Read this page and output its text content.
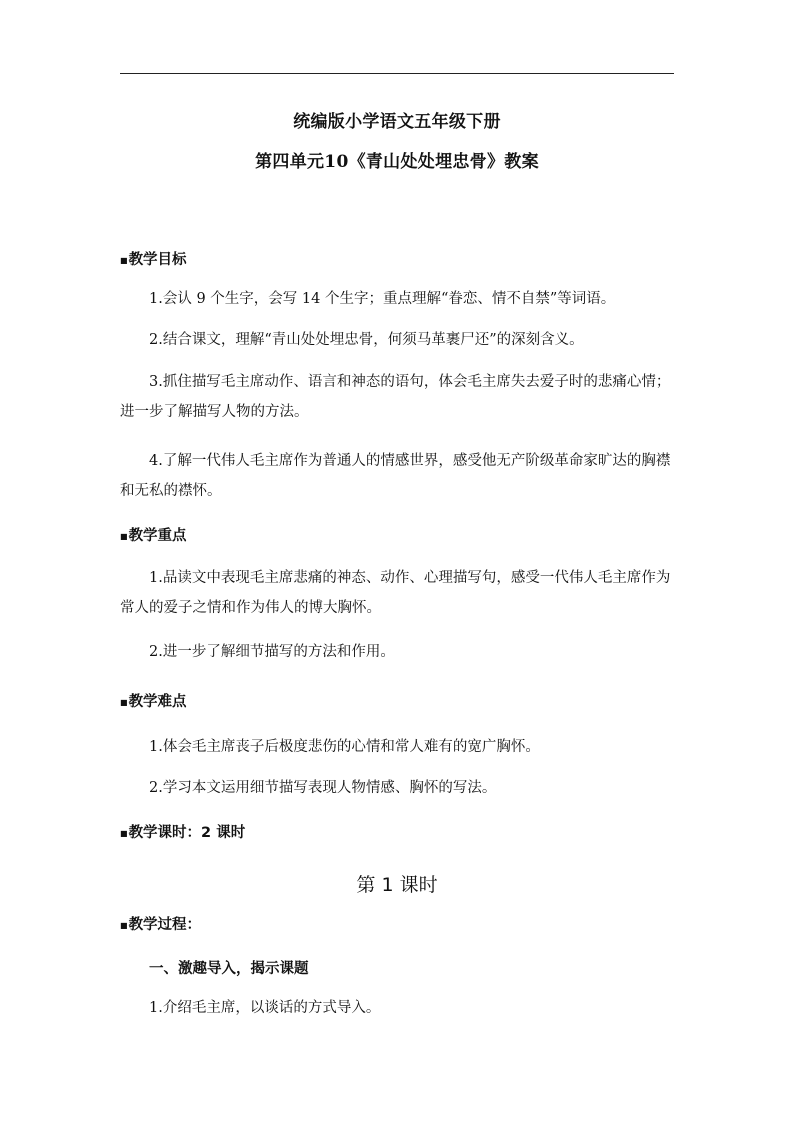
统编版小学语文五年级下册
第四单元10《青山处处埋忠骨》教案
■教学目标
1.会认 9 个生字，会写 14 个生字；重点理解“眷恋、情不自禁”等词语。
2.结合课文，理解“青山处处埋忠骨，何须马革裹尸还”的深刻含义。
3.抓住描写毛主席动作、语言和神态的语句，体会毛主席失去爱子时的悲痛心情；进一步了解描写人物的方法。
4.了解一代伟人毛主席作为普通人的情感世界，感受他无产阶级革命家旷达的胸襟和无私的襟怀。
■教学重点
1.品读文中表现毛主席悲痛的神态、动作、心理描写句，感受一代伟人毛主席作为常人的爱子之情和作为伟人的博大胸怀。
2.进一步了解细节描写的方法和作用。
■教学难点
1.体会毛主席丧子后极度悲伤的心情和常人难有的宽广胸怀。
2.学习本文运用细节描写表现人物情感、胸怀的写法。
■教学课时：2 课时
第 1 课时
■教学过程：
一、激趣导入，揭示课题
1.介绍毛主席，以谈话的方式导入。
